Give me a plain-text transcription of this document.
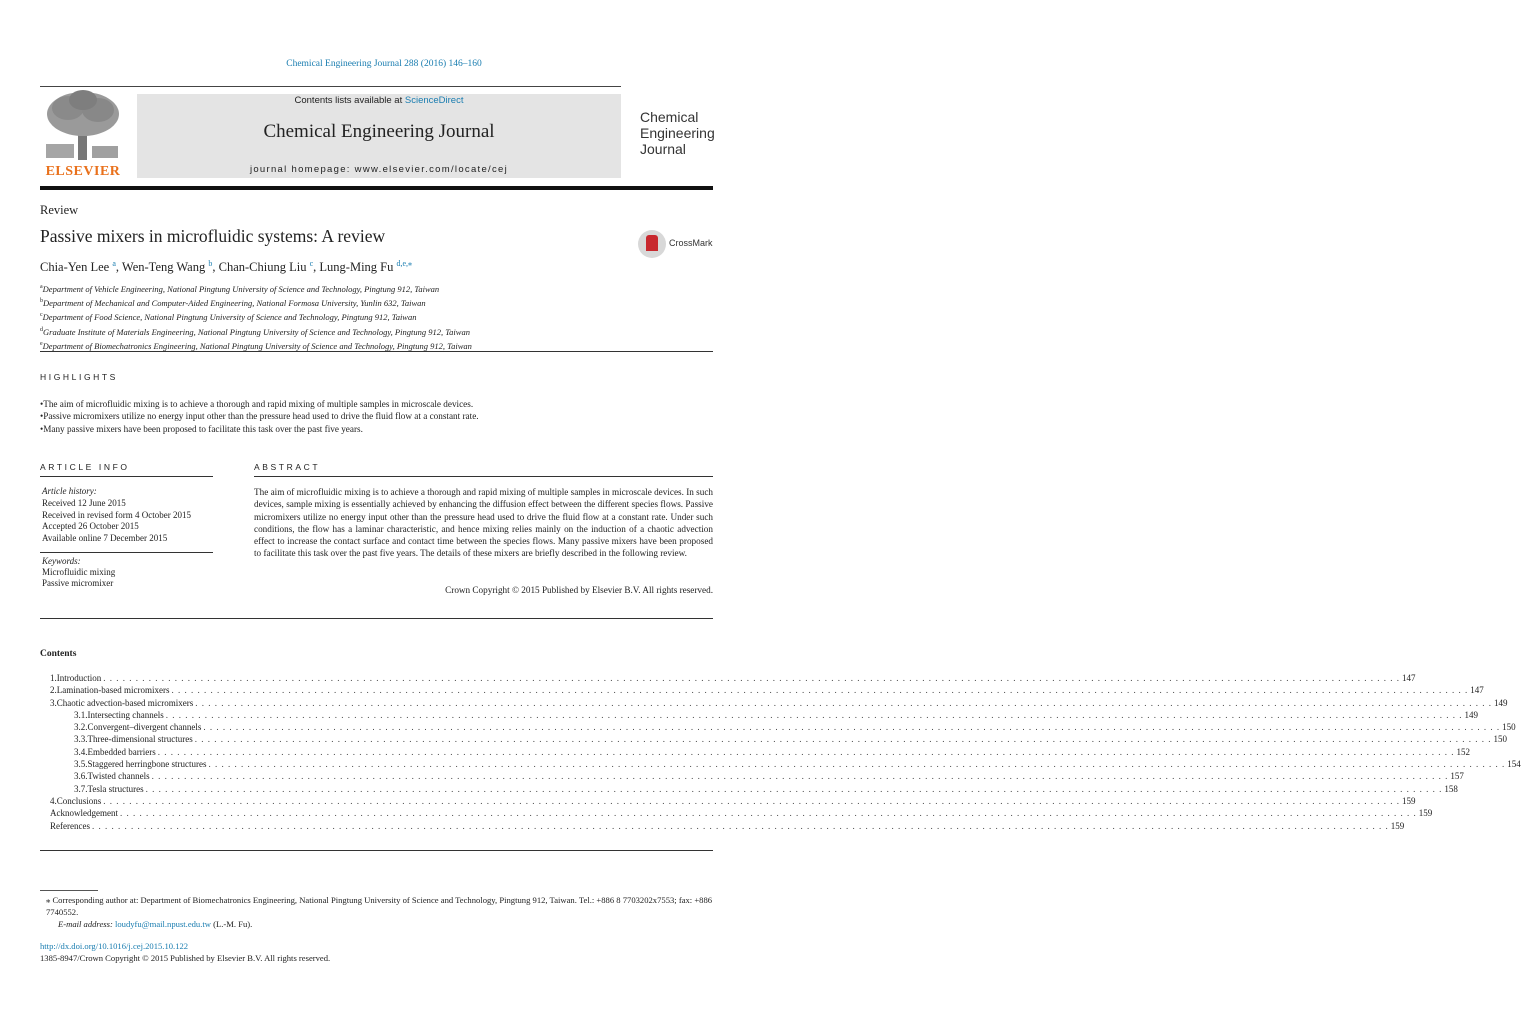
Chemical Engineering Journal 288 (2016) 146–160
ELSEVIER
Contents lists available at ScienceDirect
Chemical Engineering Journal
journal homepage: www.elsevier.com/locate/cej
Chemical
Engineering
Journal
Review
Passive mixers in microfluidic systems: A review	CrossMark
Chia-Yen Lee $^a$, Wen-Teng Wang $^b$, Chan-Chiung Liu $^c$, Lung-Ming Fu $^{d,e,⁎}$
$^a$Department of Vehicle Engineering, National Pingtung University of Science and Technology, Pingtung 912, Taiwan
$^b$Department of Mechanical and Computer-Aided Engineering, National Formosa University, Yunlin 632, Taiwan
$^c$Department of Food Science, National Pingtung University of Science and Technology, Pingtung 912, Taiwan
$^d$Graduate Institute of Materials Engineering, National Pingtung University of Science and Technology, Pingtung 912, Taiwan
$^e$Department of Biomechatronics Engineering, National Pingtung University of Science and Technology, Pingtung 912, Taiwan
HIGHLIGHTS
• The aim of microfluidic mixing is to achieve a thorough and rapid mixing of multiple samples in microscale devices.
• Passive micromixers utilize no energy input other than the pressure head used to drive the fluid flow at a constant rate.
• Many passive mixers have been proposed to facilitate this task over the past five years.
ARTICLE INFO
Article history:
Received 12 June 2015
Received in revised form 4 October 2015
Accepted 26 October 2015
Available online 7 December 2015
Keywords:
Microfluidic mixing
Passive micromixer
ABSTRACT
The aim of microfluidic mixing is to achieve a thorough and rapid mixing of multiple samples in microscale devices. In such devices, sample mixing is essentially achieved by enhancing the diffusion effect between the different species flows. Passive micromixers utilize no energy input other than the pressure head used to drive the fluid flow at a constant rate. Under such conditions, the flow has a laminar characteristic, and hence mixing relies mainly on the induction of a chaotic advection effect to increase the contact surface and contact time between the species flows. Many passive mixers have been proposed to facilitate this task over the past five years. The details of these mixers are briefly described in the following review.
Crown Copyright © 2015 Published by Elsevier B.V. All rights reserved.
Contents
1. Introduction . . . . . . . . . . . . . . . . . . . . . . . . . . . . . . . . . . . . . . . . . . . . . . . . . . . . . . . . . . . . . . . . . . . . . . . . . . . . . . . . . . . . . . . . . . . . . . . . . . . . . . . . . . . . . . . . . . . . . . . . . . . . . . . . . . . . . . . . . . . . . . . . . . . . . . . . . . . . . . . . . . . . . . . . . . . . . . . . . . . . . . . . . . . . . . . . . . . . . . . . 147
2. Lamination-based micromixers . . . . . . . . . . . . . . . . . . . . . . . . . . . . . . . . . . . . . . . . . . . . . . . . . . . . . . . . . . . . . . . . . . . . . . . . . . . . . . . . . . . . . . . . . . . . . . . . . . . . . . . . . . . . . . . . . . . . . . . . . . . . . . . . . . . . . . . . . . . . . . . . . . . . . . . . . . . . . . . . . . . . . . . . . . . . . . . . . . . . . . . . . . . . . . . . . . . . . . . . 147
3. Chaotic advection-based micromixers . . . . . . . . . . . . . . . . . . . . . . . . . . . . . . . . . . . . . . . . . . . . . . . . . . . . . . . . . . . . . . . . . . . . . . . . . . . . . . . . . . . . . . . . . . . . . . . . . . . . . . . . . . . . . . . . . . . . . . . . . . . . . . . . . . . . . . . . . . . . . . . . . . . . . . . . . . . . . . . . . . . . . . . . . . . . . . . . . . . . . . . . . . . . . . . . . . . . . . . . 149
3.1. Intersecting channels . . . . . . . . . . . . . . . . . . . . . . . . . . . . . . . . . . . . . . . . . . . . . . . . . . . . . . . . . . . . . . . . . . . . . . . . . . . . . . . . . . . . . . . . . . . . . . . . . . . . . . . . . . . . . . . . . . . . . . . . . . . . . . . . . . . . . . . . . . . . . . . . . . . . . . . . . . . . . . . . . . . . . . . . . . . . . . . . . . . . . . . . . . . . . . . . . . . . . . . . 149
3.2. Convergent–divergent channels . . . . . . . . . . . . . . . . . . . . . . . . . . . . . . . . . . . . . . . . . . . . . . . . . . . . . . . . . . . . . . . . . . . . . . . . . . . . . . . . . . . . . . . . . . . . . . . . . . . . . . . . . . . . . . . . . . . . . . . . . . . . . . . . . . . . . . . . . . . . . . . . . . . . . . . . . . . . . . . . . . . . . . . . . . . . . . . . . . . . . . . . . . . . . . . . . . . . . . . . 150
3.3. Three-dimensional structures . . . . . . . . . . . . . . . . . . . . . . . . . . . . . . . . . . . . . . . . . . . . . . . . . . . . . . . . . . . . . . . . . . . . . . . . . . . . . . . . . . . . . . . . . . . . . . . . . . . . . . . . . . . . . . . . . . . . . . . . . . . . . . . . . . . . . . . . . . . . . . . . . . . . . . . . . . . . . . . . . . . . . . . . . . . . . . . . . . . . . . . . . . . . . . . . . . . . . . . . 150
3.4. Embedded barriers . . . . . . . . . . . . . . . . . . . . . . . . . . . . . . . . . . . . . . . . . . . . . . . . . . . . . . . . . . . . . . . . . . . . . . . . . . . . . . . . . . . . . . . . . . . . . . . . . . . . . . . . . . . . . . . . . . . . . . . . . . . . . . . . . . . . . . . . . . . . . . . . . . . . . . . . . . . . . . . . . . . . . . . . . . . . . . . . . . . . . . . . . . . . . . . . . . . . . . . . 152
3.5. Staggered herringbone structures . . . . . . . . . . . . . . . . . . . . . . . . . . . . . . . . . . . . . . . . . . . . . . . . . . . . . . . . . . . . . . . . . . . . . . . . . . . . . . . . . . . . . . . . . . . . . . . . . . . . . . . . . . . . . . . . . . . . . . . . . . . . . . . . . . . . . . . . . . . . . . . . . . . . . . . . . . . . . . . . . . . . . . . . . . . . . . . . . . . . . . . . . . . . . . . . . . . . . . . . 154
3.6. Twisted channels . . . . . . . . . . . . . . . . . . . . . . . . . . . . . . . . . . . . . . . . . . . . . . . . . . . . . . . . . . . . . . . . . . . . . . . . . . . . . . . . . . . . . . . . . . . . . . . . . . . . . . . . . . . . . . . . . . . . . . . . . . . . . . . . . . . . . . . . . . . . . . . . . . . . . . . . . . . . . . . . . . . . . . . . . . . . . . . . . . . . . . . . . . . . . . . . . . . . . . . . 157
3.7. Tesla structures . . . . . . . . . . . . . . . . . . . . . . . . . . . . . . . . . . . . . . . . . . . . . . . . . . . . . . . . . . . . . . . . . . . . . . . . . . . . . . . . . . . . . . . . . . . . . . . . . . . . . . . . . . . . . . . . . . . . . . . . . . . . . . . . . . . . . . . . . . . . . . . . . . . . . . . . . . . . . . . . . . . . . . . . . . . . . . . . . . . . . . . . . . . . . . . . . . . . . . . . 158
4. Conclusions . . . . . . . . . . . . . . . . . . . . . . . . . . . . . . . . . . . . . . . . . . . . . . . . . . . . . . . . . . . . . . . . . . . . . . . . . . . . . . . . . . . . . . . . . . . . . . . . . . . . . . . . . . . . . . . . . . . . . . . . . . . . . . . . . . . . . . . . . . . . . . . . . . . . . . . . . . . . . . . . . . . . . . . . . . . . . . . . . . . . . . . . . . . . . . . . . . . . . . . . 159
Acknowledgement . . . . . . . . . . . . . . . . . . . . . . . . . . . . . . . . . . . . . . . . . . . . . . . . . . . . . . . . . . . . . . . . . . . . . . . . . . . . . . . . . . . . . . . . . . . . . . . . . . . . . . . . . . . . . . . . . . . . . . . . . . . . . . . . . . . . . . . . . . . . . . . . . . . . . . . . . . . . . . . . . . . . . . . . . . . . . . . . . . . . . . . . . . . . . . . . . . . . . . . . 159
References . . . . . . . . . . . . . . . . . . . . . . . . . . . . . . . . . . . . . . . . . . . . . . . . . . . . . . . . . . . . . . . . . . . . . . . . . . . . . . . . . . . . . . . . . . . . . . . . . . . . . . . . . . . . . . . . . . . . . . . . . . . . . . . . . . . . . . . . . . . . . . . . . . . . . . . . . . . . . . . . . . . . . . . . . . . . . . . . . . . . . . . . . . . . . . . . . . . . . . . . 159
⁎ Corresponding author at: Department of Biomechatronics Engineering, National Pingtung University of Science and Technology, Pingtung 912, Taiwan. Tel.: +886 8 7703202x7553; fax: +886 7740552.
E-mail address: loudyfu@mail.npust.edu.tw (L.-M. Fu).
http://dx.doi.org/10.1016/j.cej.2015.10.122
1385-8947/Crown Copyright © 2015 Published by Elsevier B.V. All rights reserved.
